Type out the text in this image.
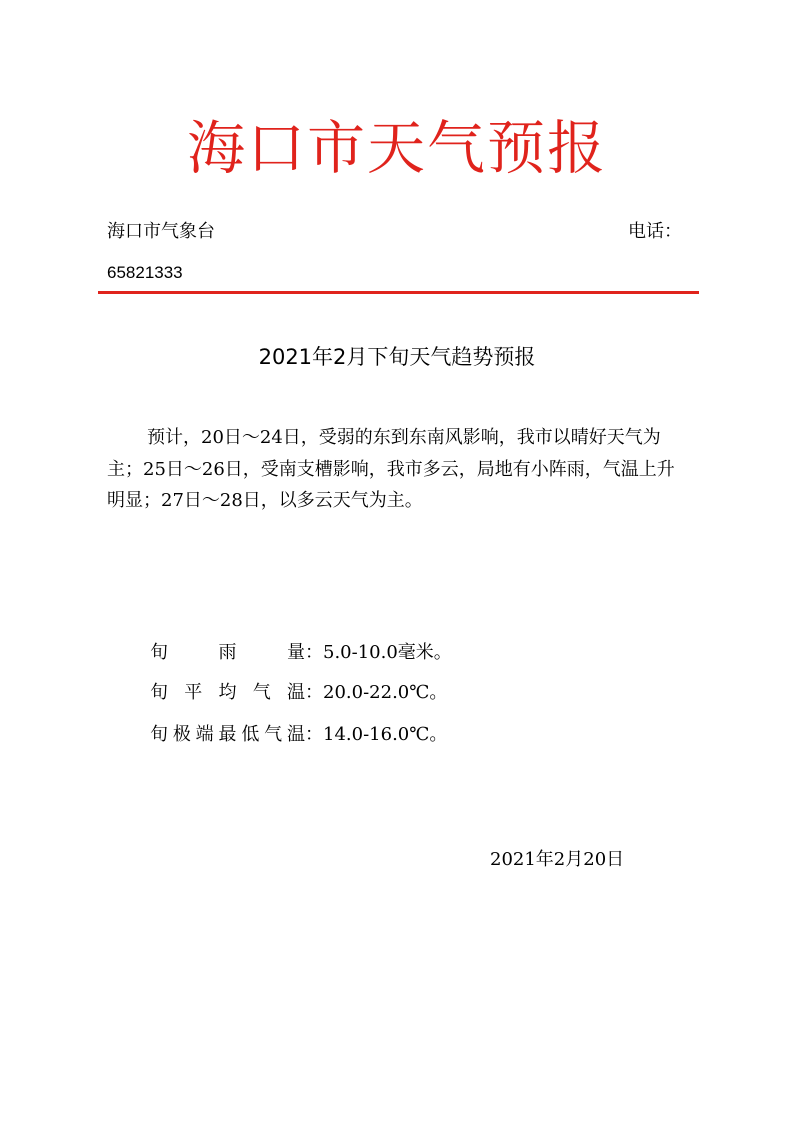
海口市天气预报
海口市气象台	电话：
65821333
2021年2月下旬天气趋势预报

预计，20日～24日，受弱的东到东南风影响，我市以晴好天气为主；25日～26日，受南支槽影响，我市多云，局地有小阵雨，气温上升明显；27日～28日，以多云天气为主。

旬雨量：5.0-10.0毫米。
旬平均气温：20.0-22.0℃。
旬极端最低气温：14.0-16.0℃。
2021年2月20日
